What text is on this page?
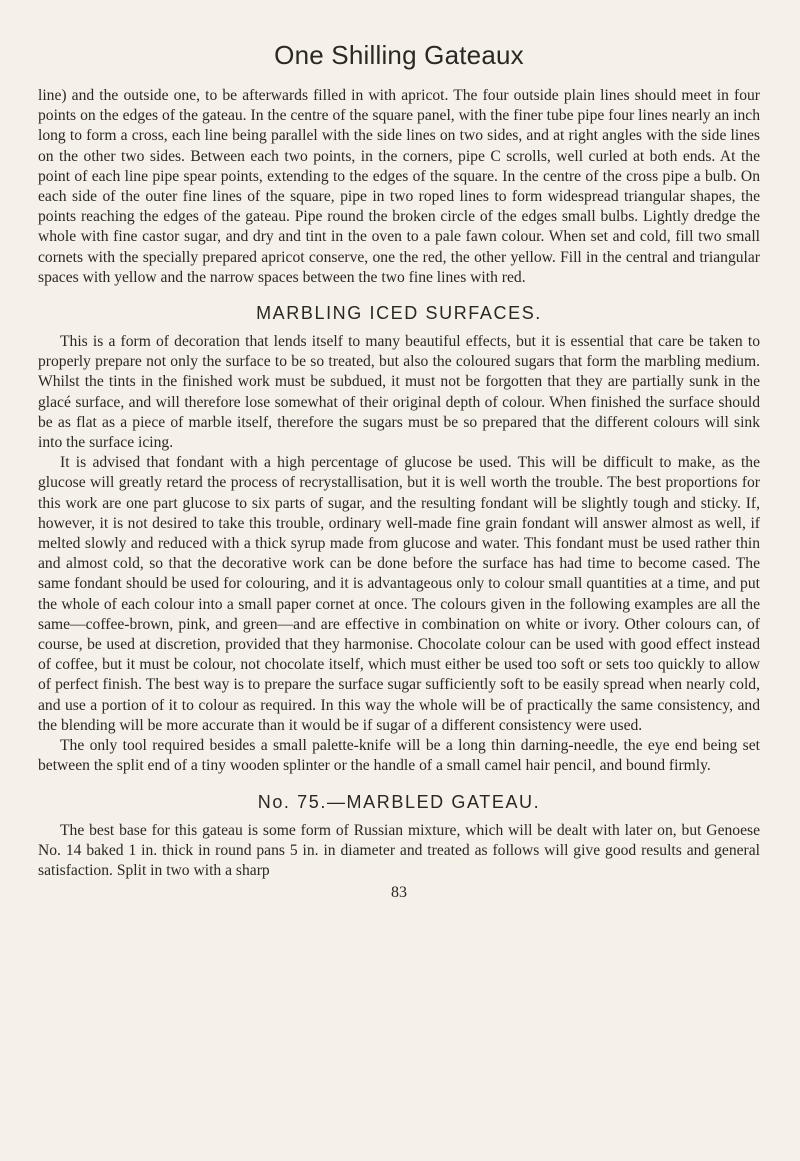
One Shilling Gateaux

line) and the outside one, to be afterwards filled in with apricot. The four outside plain lines should meet in four points on the edges of the gateau. In the centre of the square panel, with the finer tube pipe four lines nearly an inch long to form a cross, each line being parallel with the side lines on two sides, and at right angles with the side lines on the other two sides. Between each two points, in the corners, pipe C scrolls, well curled at both ends. At the point of each line pipe spear points, extending to the edges of the square. In the centre of the cross pipe a bulb. On each side of the outer fine lines of the square, pipe in two roped lines to form widespread triangular shapes, the points reaching the edges of the gateau. Pipe round the broken circle of the edges small bulbs. Lightly dredge the whole with fine castor sugar, and dry and tint in the oven to a pale fawn colour. When set and cold, fill two small cornets with the specially prepared apricot conserve, one the red, the other yellow. Fill in the central and triangular spaces with yellow and the narrow spaces between the two fine lines with red.

MARBLING ICED SURFACES.

This is a form of decoration that lends itself to many beautiful effects, but it is essential that care be taken to properly prepare not only the surface to be so treated, but also the coloured sugars that form the marbling medium. Whilst the tints in the finished work must be subdued, it must not be forgotten that they are partially sunk in the glacé surface, and will therefore lose somewhat of their original depth of colour. When finished the surface should be as flat as a piece of marble itself, therefore the sugars must be so prepared that the different colours will sink into the surface icing.

It is advised that fondant with a high percentage of glucose be used. This will be difficult to make, as the glucose will greatly retard the process of recrystallisation, but it is well worth the trouble. The best proportions for this work are one part glucose to six parts of sugar, and the resulting fondant will be slightly tough and sticky. If, however, it is not desired to take this trouble, ordinary well-made fine grain fondant will answer almost as well, if melted slowly and reduced with a thick syrup made from glucose and water. This fondant must be used rather thin and almost cold, so that the decorative work can be done before the surface has had time to become cased. The same fondant should be used for colouring, and it is advantageous only to colour small quantities at a time, and put the whole of each colour into a small paper cornet at once. The colours given in the following examples are all the same—coffee-brown, pink, and green—and are effective in combination on white or ivory. Other colours can, of course, be used at discretion, provided that they harmonise. Chocolate colour can be used with good effect instead of coffee, but it must be colour, not chocolate itself, which must either be used too soft or sets too quickly to allow of perfect finish. The best way is to prepare the surface sugar sufficiently soft to be easily spread when nearly cold, and use a portion of it to colour as required. In this way the whole will be of practically the same consistency, and the blending will be more accurate than it would be if sugar of a different consistency were used.

The only tool required besides a small palette-knife will be a long thin darning-needle, the eye end being set between the split end of a tiny wooden splinter or the handle of a small camel hair pencil, and bound firmly.

No. 75.—MARBLED GATEAU.

The best base for this gateau is some form of Russian mixture, which will be dealt with later on, but Genoese No. 14 baked 1 in. thick in round pans 5 in. in diameter and treated as follows will give good results and general satisfaction. Split in two with a sharp

83
